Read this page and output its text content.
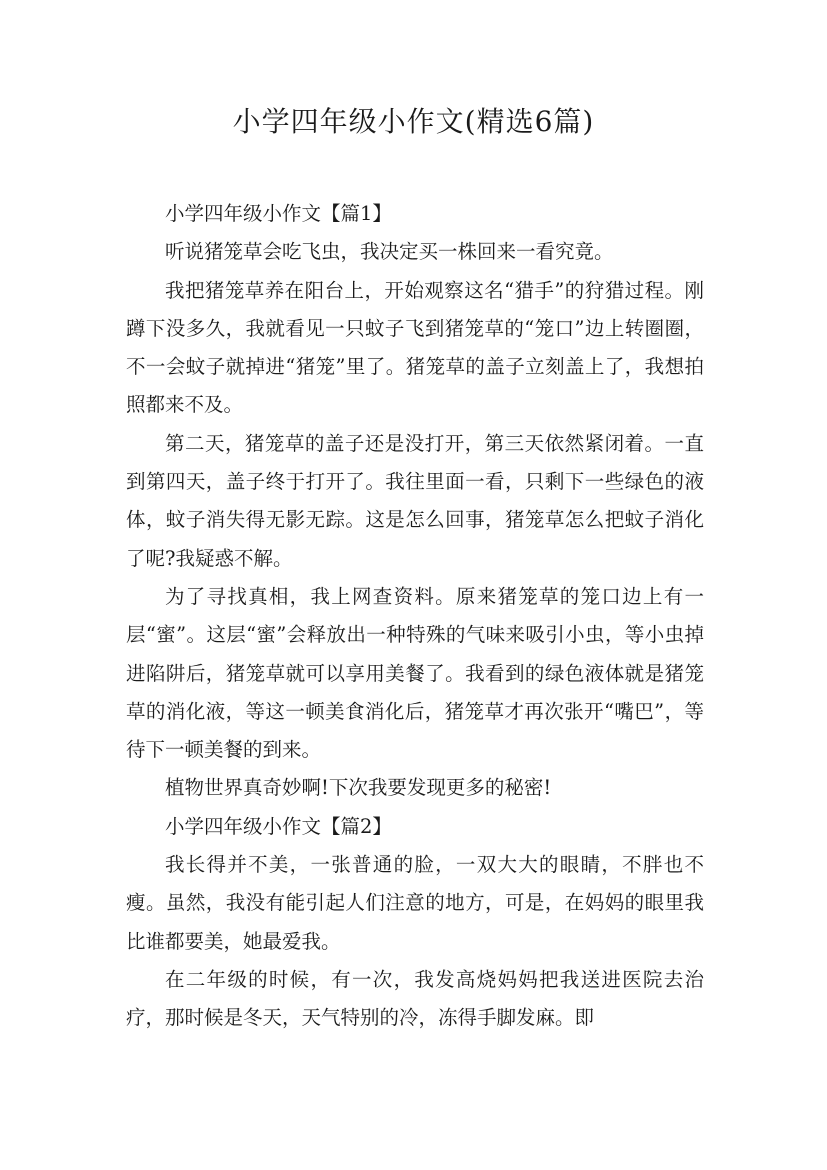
小学四年级小作文(精选6篇)

小学四年级小作文【篇1】

听说猪笼草会吃飞虫，我决定买一株回来一看究竟。

我把猪笼草养在阳台上，开始观察这名“猎手”的狩猎过程。刚蹲下没多久，我就看见一只蚊子飞到猪笼草的“笼口”边上转圈圈，不一会蚊子就掉进“猪笼”里了。猪笼草的盖子立刻盖上了，我想拍照都来不及。

第二天，猪笼草的盖子还是没打开，第三天依然紧闭着。一直到第四天，盖子终于打开了。我往里面一看，只剩下一些绿色的液体，蚊子消失得无影无踪。这是怎么回事，猪笼草怎么把蚊子消化了呢?我疑惑不解。

为了寻找真相，我上网查资料。原来猪笼草的笼口边上有一层“蜜”。这层“蜜”会释放出一种特殊的气味来吸引小虫，等小虫掉进陷阱后，猪笼草就可以享用美餐了。我看到的绿色液体就是猪笼草的消化液，等这一顿美食消化后，猪笼草才再次张开“嘴巴”，等待下一顿美餐的到来。

植物世界真奇妙啊!下次我要发现更多的秘密!

小学四年级小作文【篇2】

我长得并不美，一张普通的脸，一双大大的眼睛，不胖也不瘦。虽然，我没有能引起人们注意的地方，可是，在妈妈的眼里我比谁都要美，她最爱我。

在二年级的时候，有一次，我发高烧妈妈把我送进医院去治疗，那时候是冬天，天气特别的冷，冻得手脚发麻。即
